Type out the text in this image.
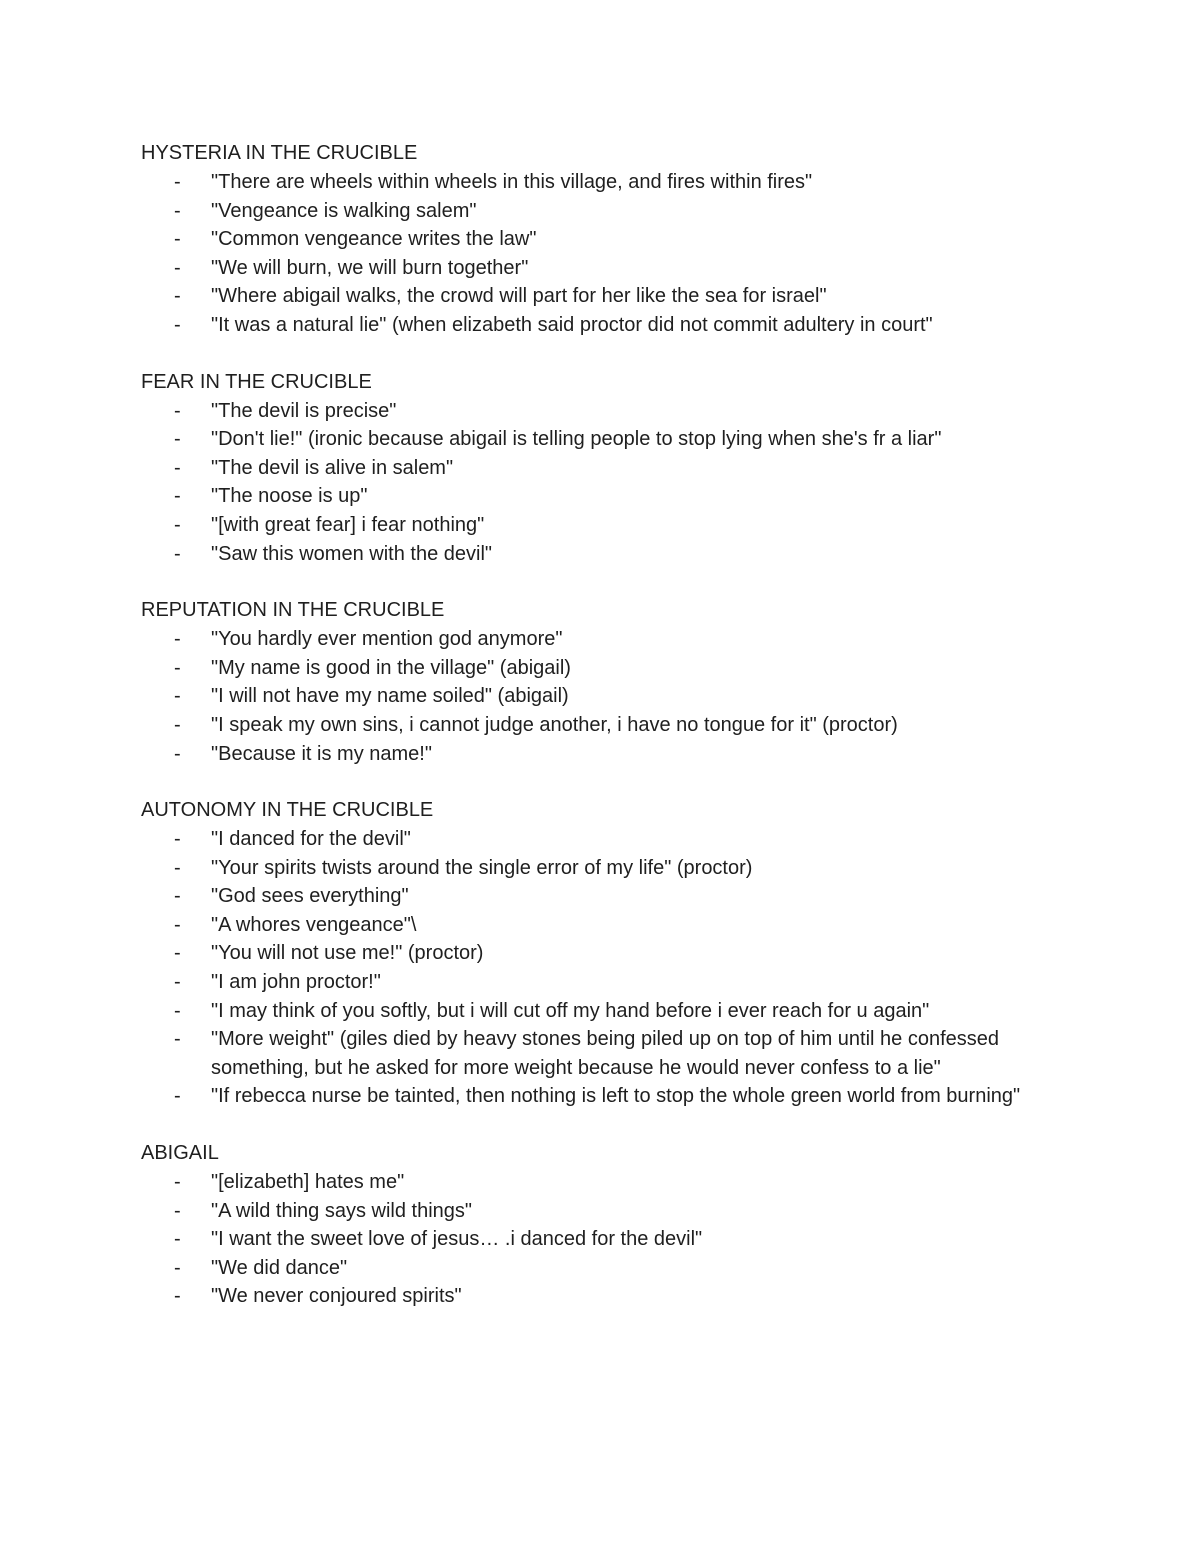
HYSTERIA IN THE CRUCIBLE
- "There are wheels within wheels in this village, and fires within fires"
- "Vengeance is walking salem"
- "Common vengeance writes the law"
- "We will burn, we will burn together"
- "Where abigail walks, the crowd will part for her like the sea for israel"
- "It was a natural lie" (when elizabeth said proctor did not commit adultery in court"
FEAR IN THE CRUCIBLE
- "The devil is precise"
- "Don't lie!" (ironic because abigail is telling people to stop lying when she's fr a liar"
- "The devil is alive in salem"
- "The noose is up"
- "[with great fear] i fear nothing"
- "Saw this women with the devil"
REPUTATION IN THE CRUCIBLE
- "You hardly ever mention god anymore"
- "My name is good in the village" (abigail)
- "I will not have my name soiled" (abigail)
- "I speak my own sins, i cannot judge another, i have no tongue for it" (proctor)
- "Because it is my name!"
AUTONOMY IN THE CRUCIBLE
- "I danced for the devil"
- "Your spirits twists around the single error of my life" (proctor)
- "God sees everything"
- "A whores vengeance"\
- "You will not use me!" (proctor)
- "I am john proctor!"
- "I may think of you softly, but i will cut off my hand before i ever reach for u again"
- "More weight" (giles died by heavy stones being piled up on top of him until he confessed something, but he asked for more weight because he would never confess to a lie"
- "If rebecca nurse be tainted, then nothing is left to stop the whole green world from burning"
ABIGAIL
- "[elizabeth] hates me"
- "A wild thing says wild things"
- "I want the sweet love of jesus… .i danced for the devil"
- "We did dance"
- "We never conjoured spirits"
